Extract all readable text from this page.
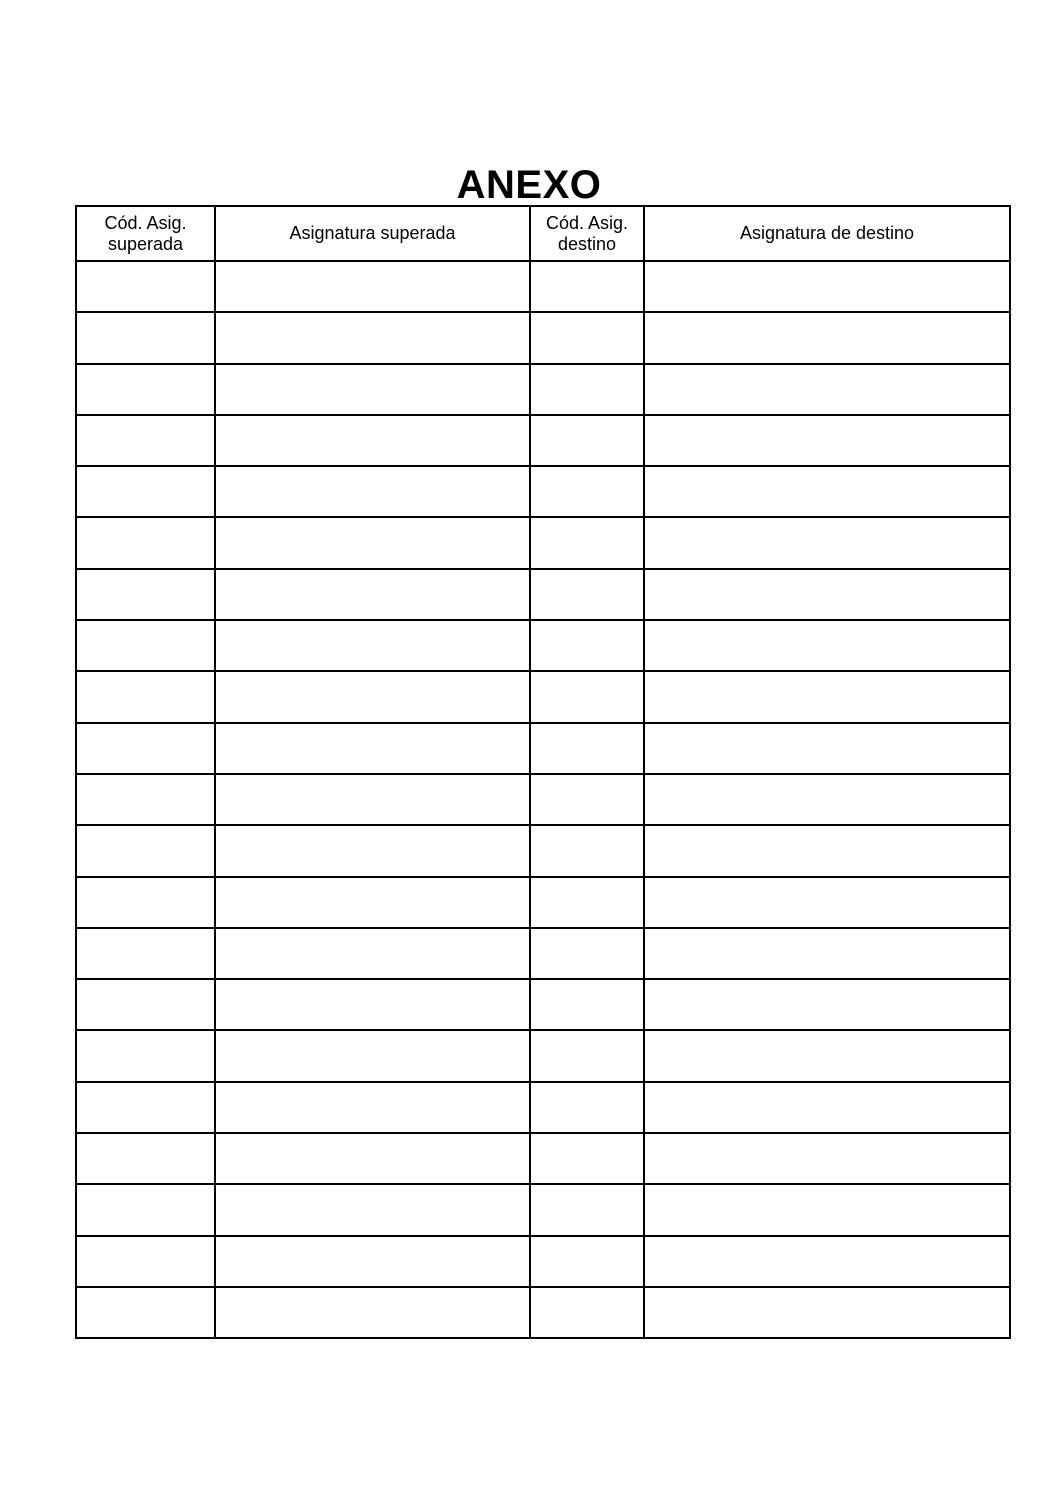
ANEXO
Cód. Asig. superada	Asignatura superada	Cód. Asig. destino	Asignatura de destino
